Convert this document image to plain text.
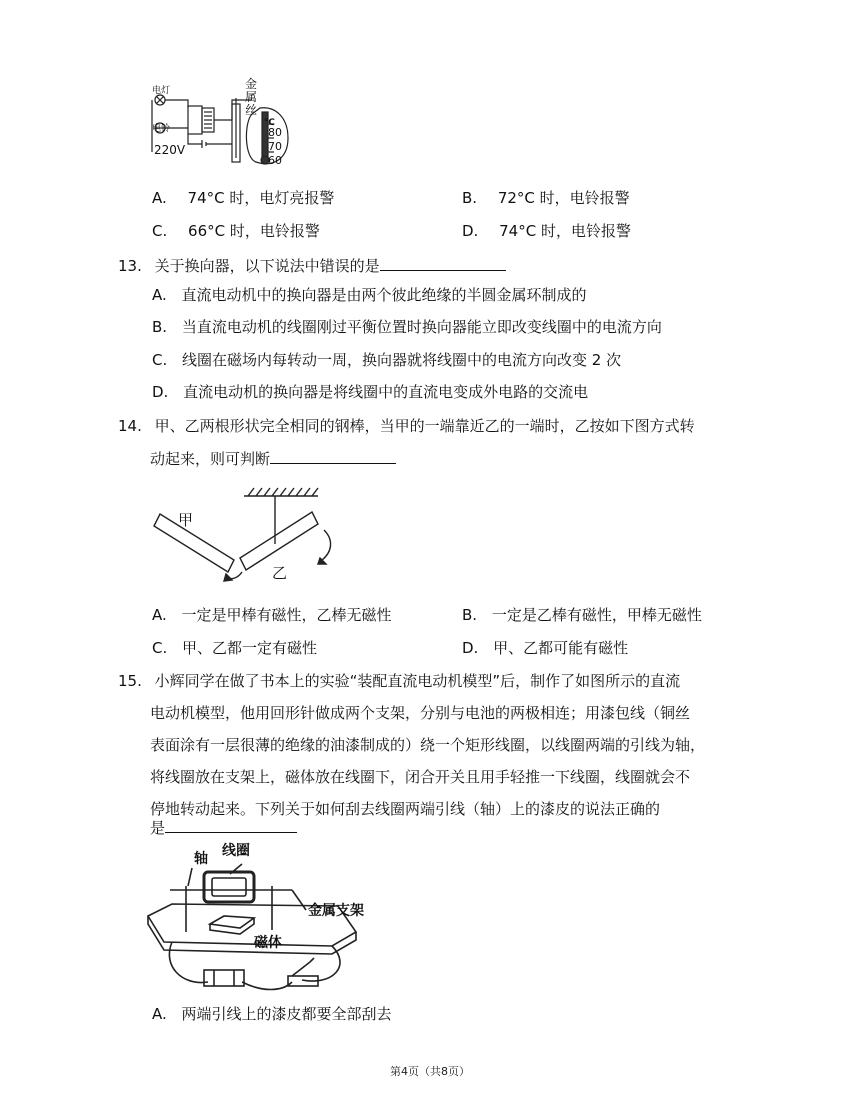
电灯
电铃
220V
金属丝
℃
80
70
60
A. 74°C 时，电灯亮报警	B. 72°C 时，电铃报警
C. 66°C 时，电铃报警	D. 74°C 时，电铃报警
13. 关于换向器，以下说法中错误的是
A. 直流电动机中的换向器是由两个彼此绝缘的半圆金属环制成的
B. 当直流电动机的线圈刚过平衡位置时换向器能立即改变线圈中的电流方向
C. 线圈在磁场内每转动一周，换向器就将线圈中的电流方向改变 2 次
D. 直流电动机的换向器是将线圈中的直流电变成外电路的交流电
14. 甲、乙两根形状完全相同的钢棒，当甲的一端靠近乙的一端时，乙按如下图方式转
动起来，则可判断
甲
乙
A. 一定是甲棒有磁性，乙棒无磁性	B. 一定是乙棒有磁性，甲棒无磁性
C. 甲、乙都一定有磁性	D. 甲、乙都可能有磁性
15. 小辉同学在做了书本上的实验“装配直流电动机模型”后，制作了如图所示的直流
电动机模型，他用回形针做成两个支架，分别与电池的两极相连；用漆包线（铜丝
表面涂有一层很薄的绝缘的油漆制成的）绕一个矩形线圈，以线圈两端的引线为轴，
将线圈放在支架上，磁体放在线圈下，闭合开关且用手轻推一下线圈，线圈就会不
停地转动起来。下列关于如何刮去线圈两端引线（轴）上的漆皮的说法正确的
是
轴 线圈
金属支架
磁体
A. 两端引线上的漆皮都要全部刮去
第4页（共8页）
